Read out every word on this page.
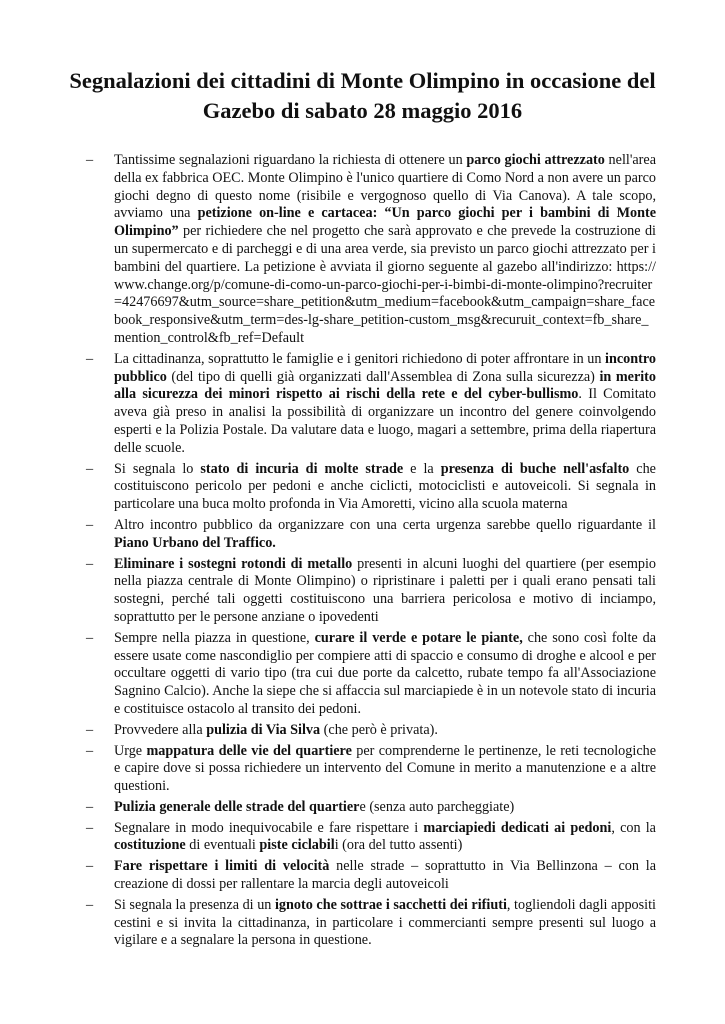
Segnalazioni dei cittadini di Monte Olimpino in occasione del Gazebo di sabato 28 maggio 2016
– Tantissime segnalazioni riguardano la richiesta di ottenere un parco giochi attrezzato nell'area della ex fabbrica OEC. Monte Olimpino è l'unico quartiere di Como Nord a non avere un parco giochi degno di questo nome (risibile e vergognoso quello di Via Canova). A tale scopo, avviamo una petizione on-line e cartacea: “Un parco giochi per i bambini di Monte Olimpino” per richiedere che nel progetto che sarà approvato e che prevede la costruzione di un supermercato e di parcheggi e di una area verde, sia previsto un parco giochi attrezzato per i bambini del quartiere. La petizione è avviata il giorno seguente al gazebo all'indirizzo: https://www.change.org/p/comune-di-como-un-parco-giochi-per-i-bimbi-di-monte-olimpino?recruiter=42476697&utm_source=share_petition&utm_medium=facebook&utm_campaign=share_facebook_responsive&utm_term=des-lg-share_petition-custom_msg&recuruit_context=fb_share_mention_control&fb_ref=Default
– La cittadinanza, soprattutto le famiglie e i genitori richiedono di poter affrontare in un incontro pubblico (del tipo di quelli già organizzati dall'Assemblea di Zona sulla sicurezza) in merito alla sicurezza dei minori rispetto ai rischi della rete e del cyber-bullismo. Il Comitato aveva già preso in analisi la possibilità di organizzare un incontro del genere coinvolgendo esperti e la Polizia Postale. Da valutare data e luogo, magari a settembre, prima della riapertura delle scuole.
– Si segnala lo stato di incuria di molte strade e la presenza di buche nell'asfalto che costituiscono pericolo per pedoni e anche ciclicti, motociclisti e autoveicoli. Si segnala in particolare una buca molto profonda in Via Amoretti, vicino alla scuola materna
– Altro incontro pubblico da organizzare con una certa urgenza sarebbe quello riguardante il Piano Urbano del Traffico.
– Eliminare i sostegni rotondi di metallo presenti in alcuni luoghi del quartiere (per esempio nella piazza centrale di Monte Olimpino) o ripristinare i paletti per i quali erano pensati tali sostegni, perché tali oggetti costituiscono una barriera pericolosa e motivo di inciampo, soprattutto per le persone anziane o ipovedenti
– Sempre nella piazza in questione, curare il verde e potare le piante, che sono così folte da essere usate come nascondiglio per compiere atti di spaccio e consumo di droghe e alcool e per occultare oggetti di vario tipo (tra cui due porte da calcetto, rubate tempo fa all'Associazione Sagnino Calcio). Anche la siepe che si affaccia sul marciapiede è in un notevole stato di incuria e costituisce ostacolo al transito dei pedoni.
– Provvedere alla pulizia di Via Silva (che però è privata).
– Urge mappatura delle vie del quartiere per comprenderne le pertinenze, le reti tecnologiche e capire dove si possa richiedere un intervento del Comune in merito a manutenzione e a altre questioni.
– Pulizia generale delle strade del quartiere (senza auto parcheggiate)
– Segnalare in modo inequivocabile e fare rispettare i marciapiedi dedicati ai pedoni, con la costituzione di eventuali piste ciclabili (ora del tutto assenti)
– Fare rispettare i limiti di velocità nelle strade – soprattutto in Via Bellinzona – con la creazione di dossi per rallentare la marcia degli autoveicoli
– Si segnala la presenza di un ignoto che sottrae i sacchetti dei rifiuti, togliendoli dagli appositi cestini e si invita la cittadinanza, in particolare i commercianti sempre presenti sul luogo a vigilare e a segnalare la persona in questione.
